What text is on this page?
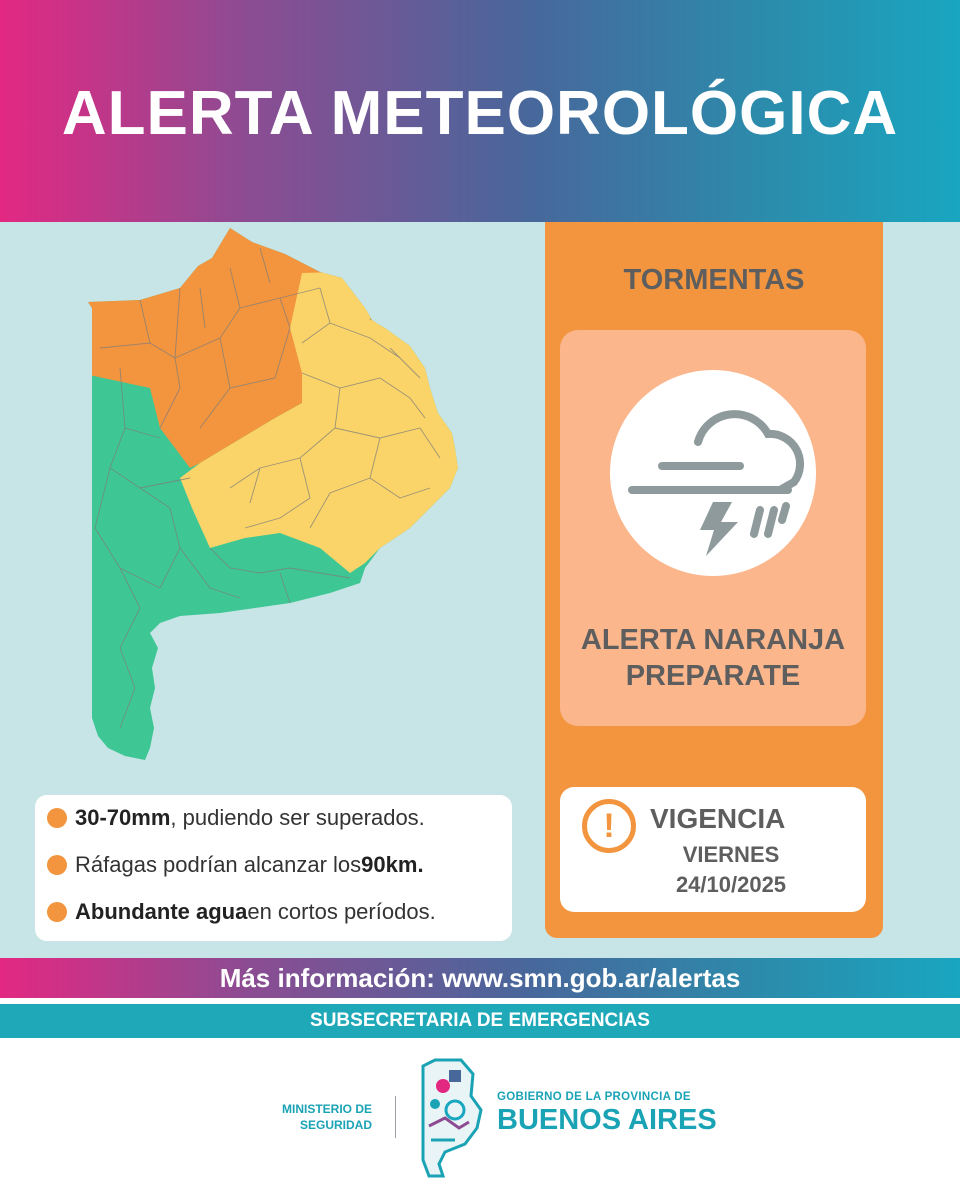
ALERTA METEOROLÓGICA
TORMENTAS
ALERTA NARANJA
PREPARATE
!	VIGENCIA
VIERNES
24/10/2025
30-70mm , pudiendo ser superados.
Ráfagas podrían alcanzar los 90km.
Abundante agua en cortos períodos.
Más información: www.smn.gob.ar/alertas
SUBSECRETARIA DE EMERGENCIAS
MINISTERIO DE
SEGURIDAD
GOBIERNO DE LA PROVINCIA DE
BUENOS AIRES
